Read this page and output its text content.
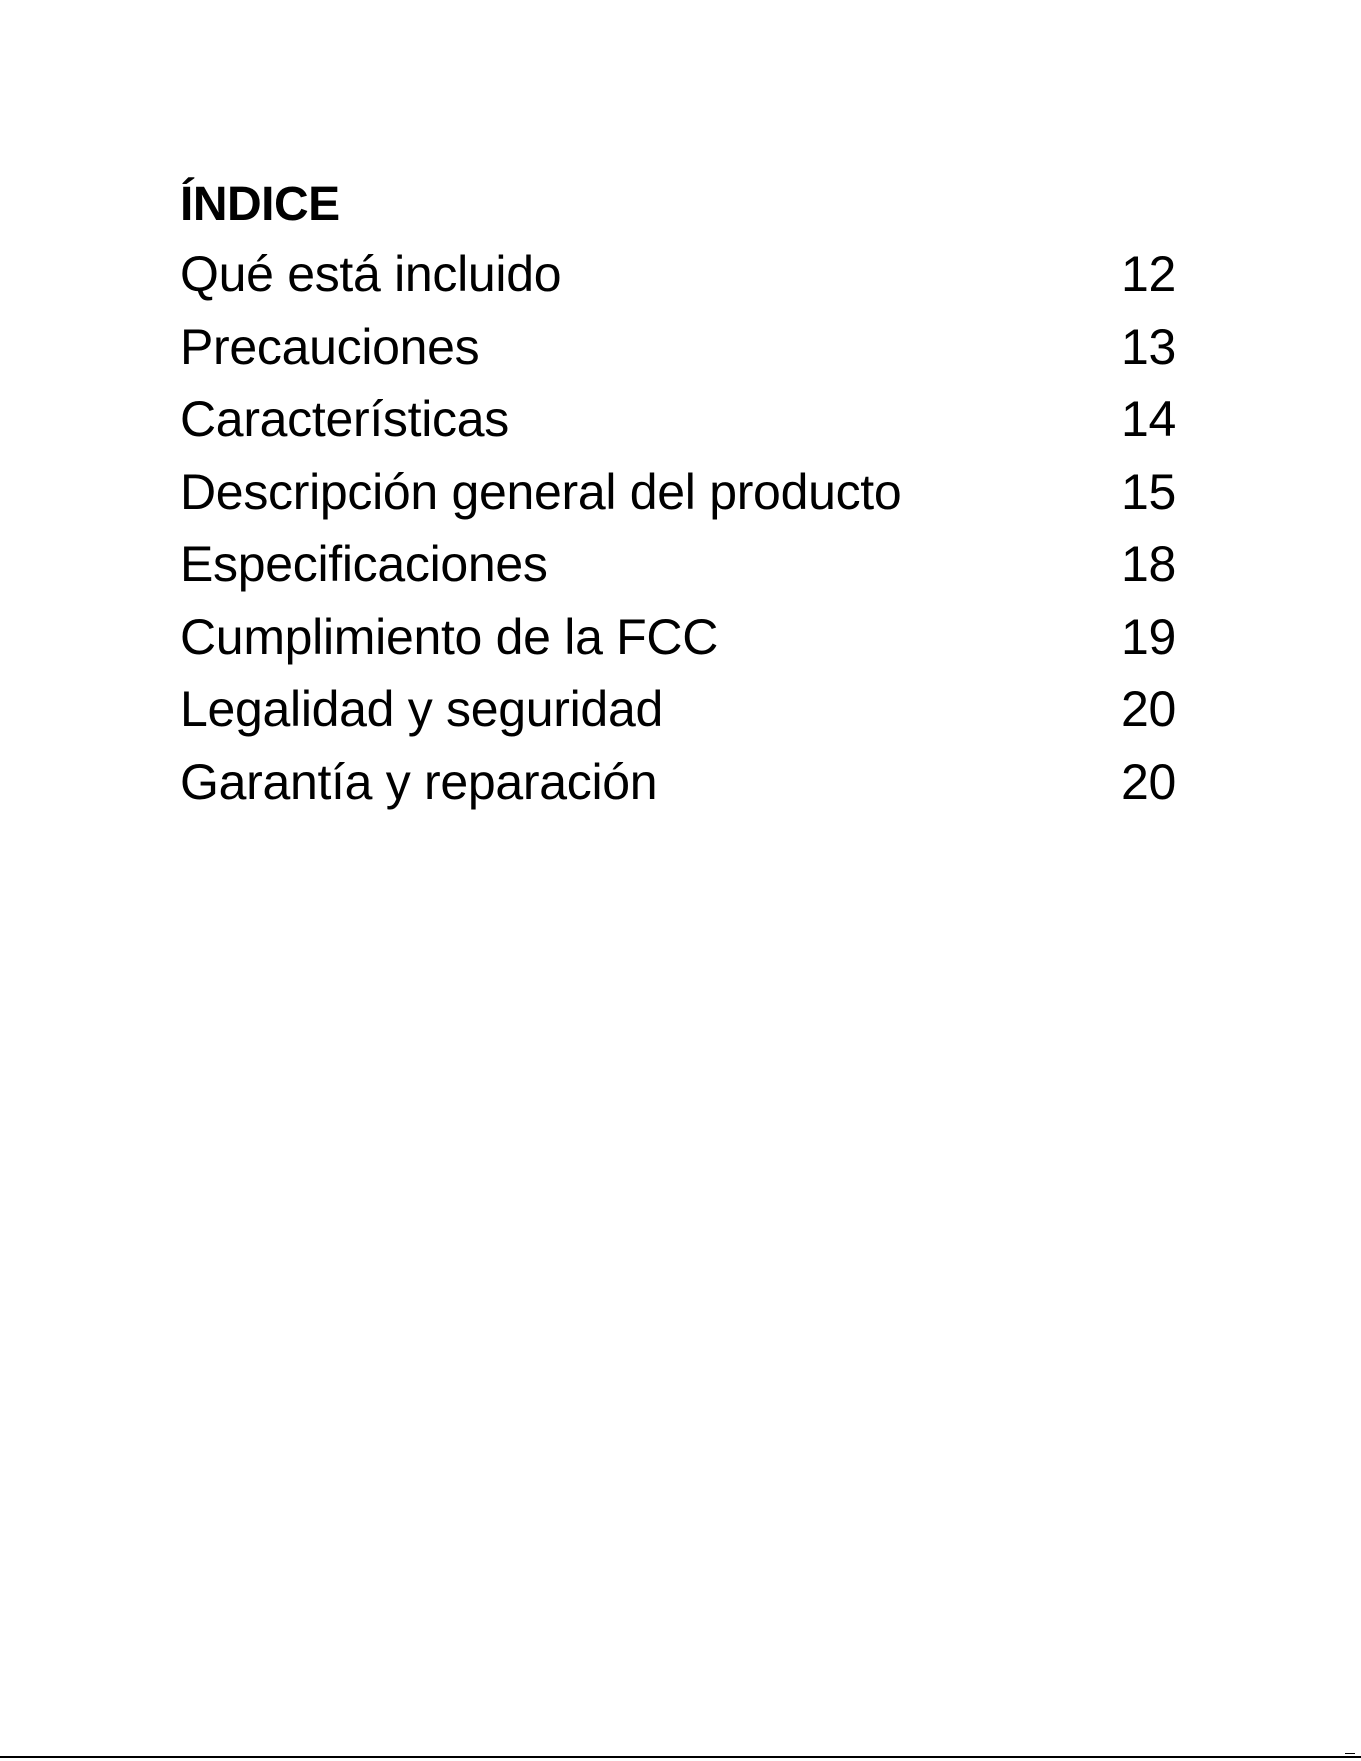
ÍNDICE
Qué está incluido	12
Precauciones	13
Características	14
Descripción general del producto	15
Especificaciones	18
Cumplimiento de la FCC	19
Legalidad y seguridad	20
Garantía y reparación	20
